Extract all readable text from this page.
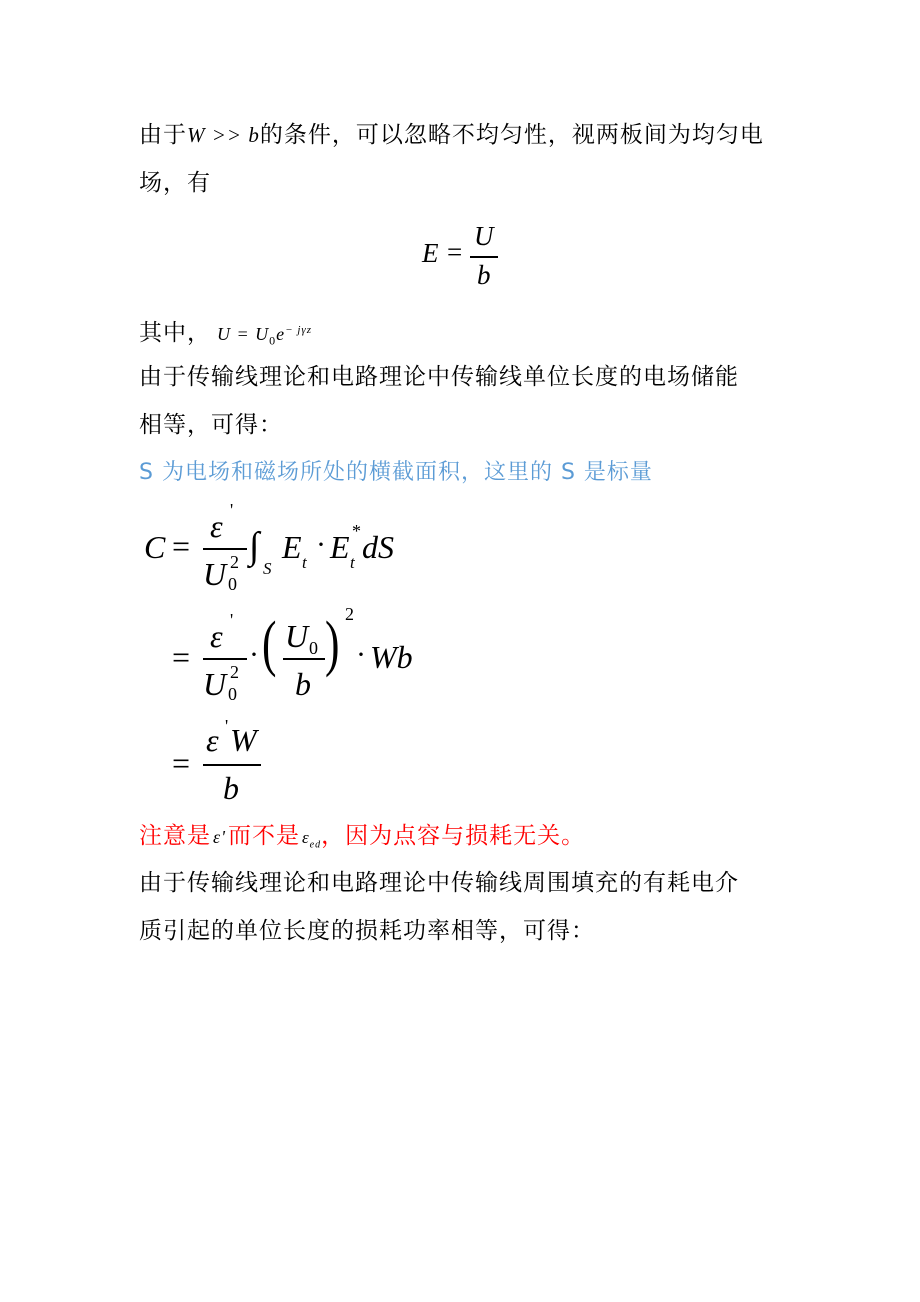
由于W >> b的条件，可以忽略不均匀性，视两板间为均匀电
场，有
E =
U
b
其中， $U = U_0e^{- j\gamma z}$
由于传输线理论和电路理论中传输线单位长度的电场储能
相等，可得：
S 为电场和磁场所处的横截面积，这里的 S 是标量
C =
ε '
U 2
0
∫
S
E t
· E *
t dS
=
ε '
U 2
0
· ( U 0
b
) 2
· Wb
=
ε ' W
b
注意是 ε'而不是 $\varepsilon_{ed}$，因为点容与损耗无关。
由于传输线理论和电路理论中传输线周围填充的有耗电介
质引起的单位长度的损耗功率相等，可得：
